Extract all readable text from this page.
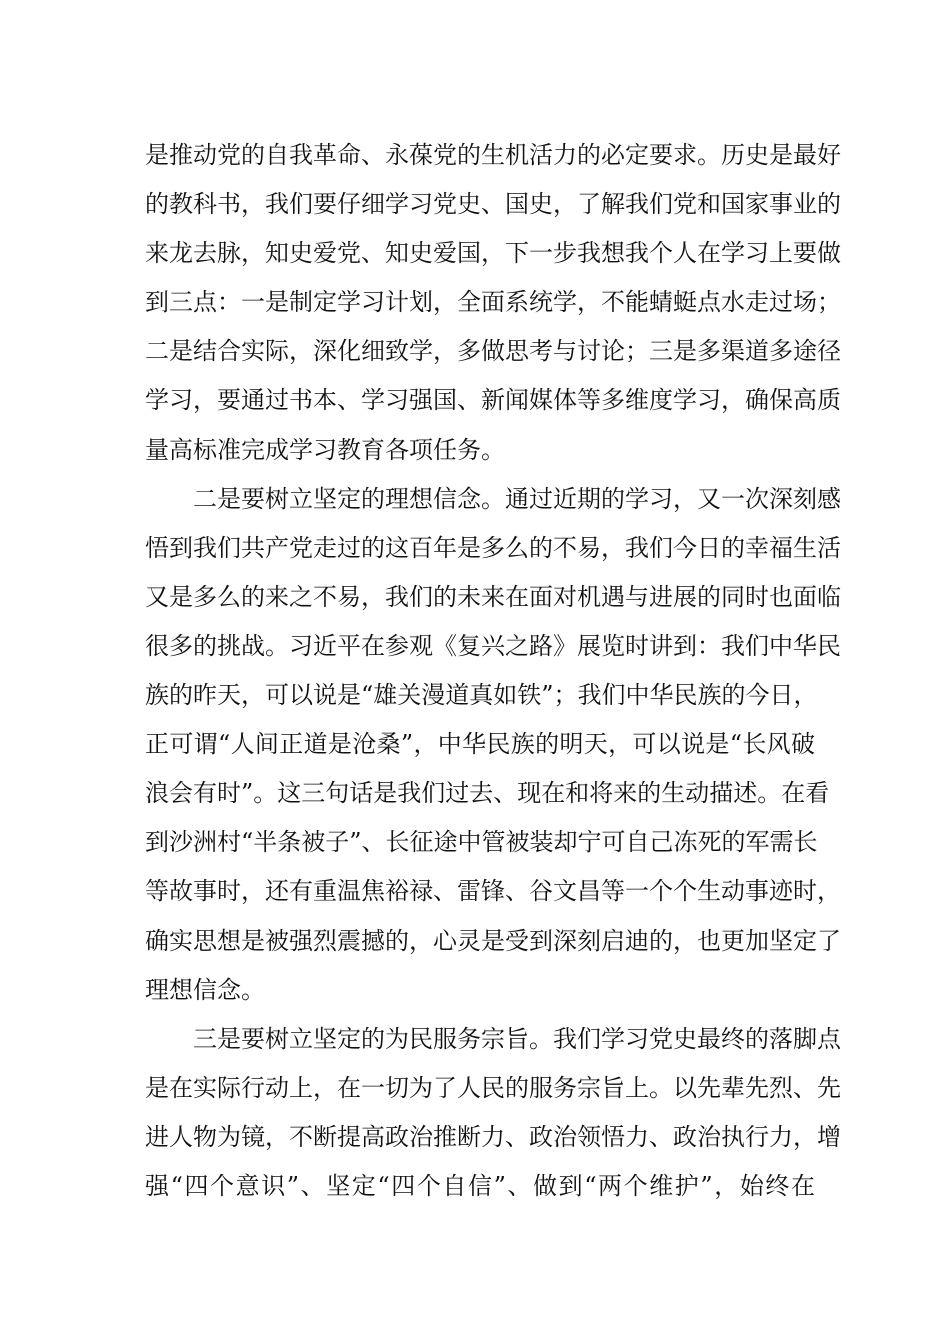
是推动党的自我革命、永葆党的生机活力的必定要求。历史是最好
的教科书，我们要仔细学习党史、国史，了解我们党和国家事业的
来龙去脉，知史爱党、知史爱国，下一步我想我个人在学习上要做
到三点：一是制定学习计划，全面系统学，不能蜻蜓点水走过场；
二是结合实际，深化细致学，多做思考与讨论；三是多渠道多途径
学习，要通过书本、学习强国、新闻媒体等多维度学习，确保高质
量高标准完成学习教育各项任务。
　　二是要树立坚定的理想信念。通过近期的学习，又一次深刻感
悟到我们共产党走过的这百年是多么的不易，我们今日的幸福生活
又是多么的来之不易，我们的未来在面对机遇与进展的同时也面临
很多的挑战。习近平在参观《复兴之路》展览时讲到：我们中华民
族的昨天，可以说是“雄关漫道真如铁”；我们中华民族的今日，
正可谓“人间正道是沧桑”，中华民族的明天，可以说是“长风破
浪会有时”。这三句话是我们过去、现在和将来的生动描述。在看
到沙洲村“半条被子”、长征途中管被装却宁可自己冻死的军需长
等故事时，还有重温焦裕禄、雷锋、谷文昌等一个个生动事迹时，
确实思想是被强烈震撼的，心灵是受到深刻启迪的，也更加坚定了
理想信念。
　　三是要树立坚定的为民服务宗旨。我们学习党史最终的落脚点
是在实际行动上，在一切为了人民的服务宗旨上。以先辈先烈、先
进人物为镜，不断提高政治推断力、政治领悟力、政治执行力，增
强“四个意识”、坚定“四个自信”、做到“两个维护”，始终在
